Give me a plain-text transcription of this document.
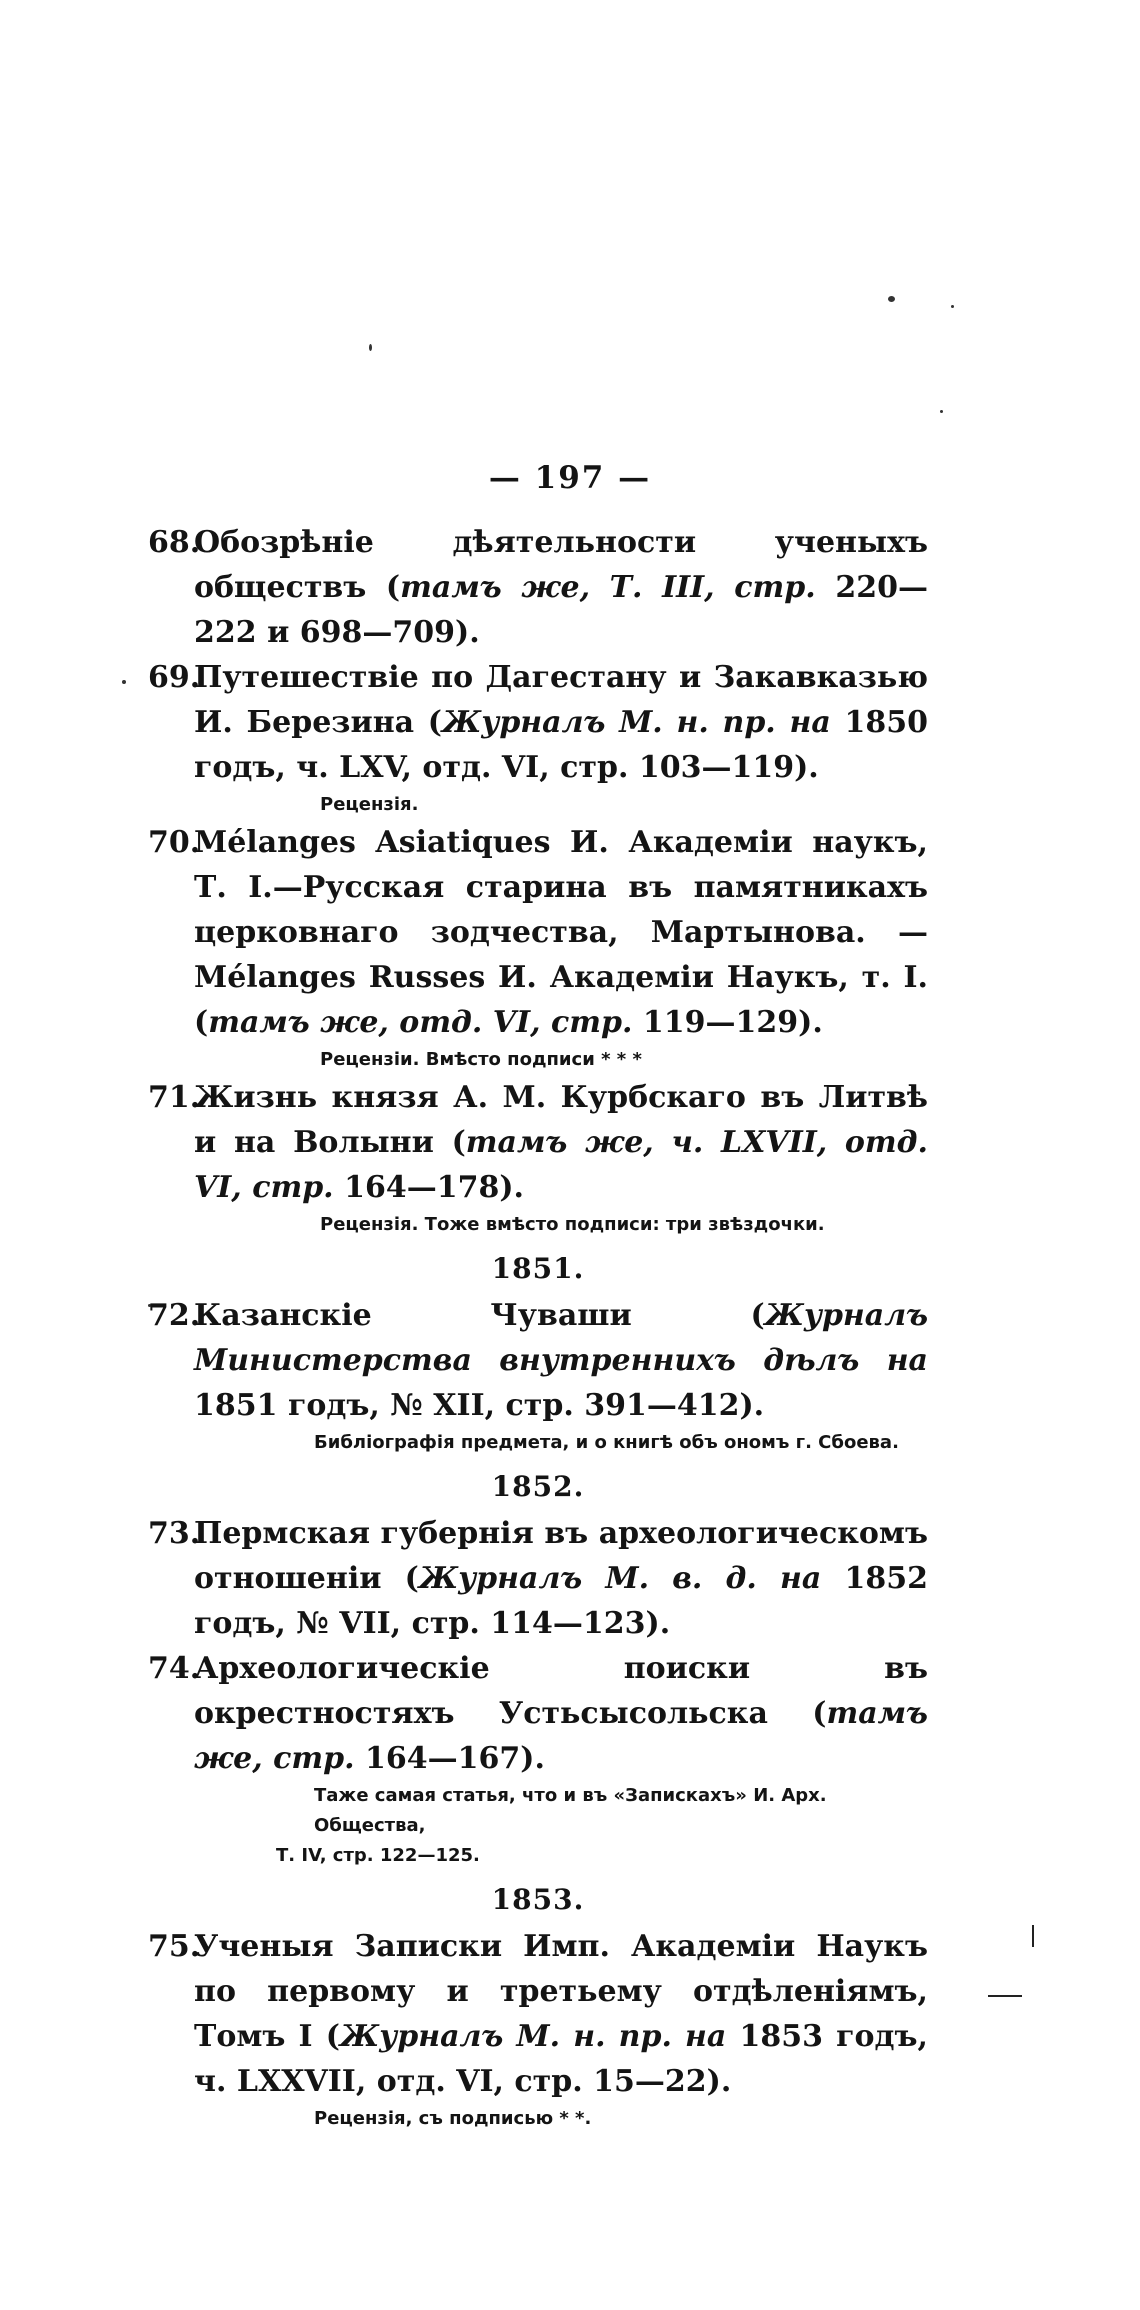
— 197 —

68.Обозрѣніе дѣятельности ученыхъ обществъ (тамъ же, Т. III, стр. 220—222 и 698—709).

69.Путешествіе по Дагестану и Закавказью И. Березина (Журналъ М. н. пр. на 1850 годъ, ч. LXV, отд. VI, стр. 103—119).

Рецензія.

70.Mélanges Asiatiques И. Академіи наукъ, Т. I.—Русская старина въ памятникахъ церковнаго зодчества, Мартынова. — Mélanges Russes И. Академіи Наукъ, т. I. (тамъ же, отд. VI, стр. 119—129).

Рецензіи. Вмѣсто подписи * * *

71.Жизнь князя А. М. Курбскаго въ Литвѣ и на Волыни (тамъ же, ч. LXVII, отд. VI, стр. 164—178).

Рецензія. Тоже вмѣсто подписи: три звѣздочки.
1851.

72.Казанскіе Чуваши (Журналъ Министерства внутреннихъ дѣлъ на 1851 годъ, № XII, стр. 391—412).

Библіографія предмета, и о книгѣ объ ономъ г. Сбоева.
1852.

73.Пермская губернія въ археологическомъ отношеніи (Журналъ М. в. д. на 1852 годъ, № VII, стр. 114—123).

74.Археологическіе поиски въ окрестностяхъ Устьсысольска (тамъ же, стр. 164—167).

Таже самая статья, что и въ «Запискахъ» И. Арх. Общества,
Т. IV, стр. 122—125.
1853.

75.Ученыя Записки Имп. Академіи Наукъ по первому и третьему отдѣленіямъ, Томъ I (Журналъ М. н. пр. на 1853 годъ, ч. LXXVII, отд. VI, стр. 15—22).

Рецензія, съ подписью * *.
